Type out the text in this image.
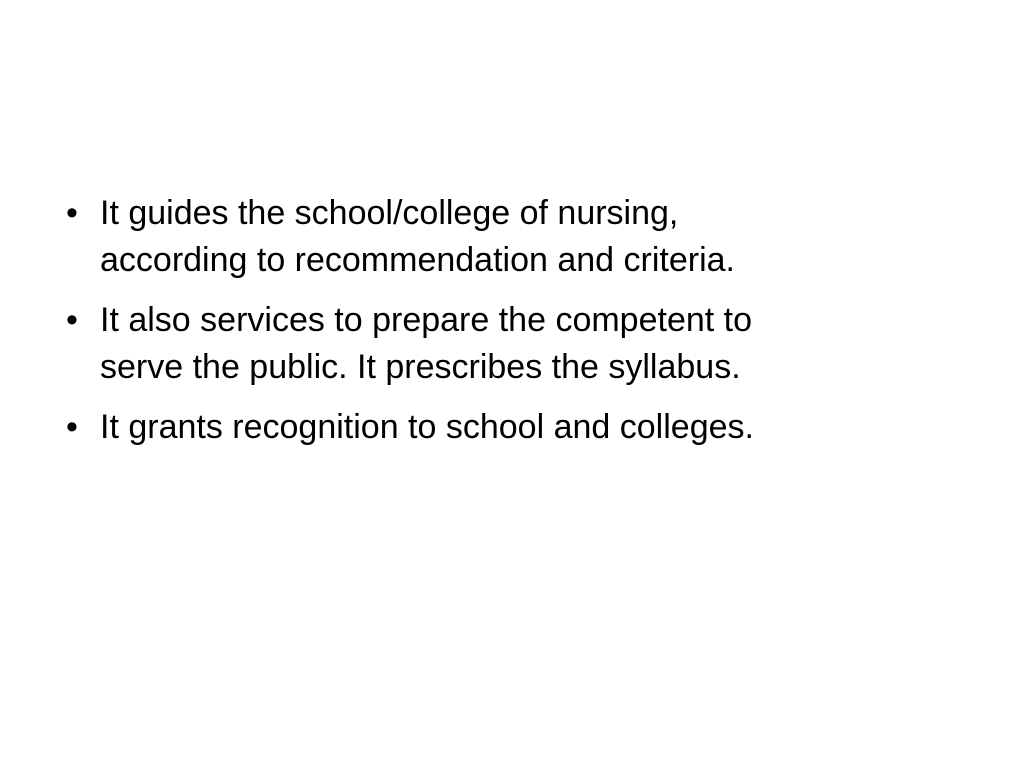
• It guides the school/college of nursing,
according to recommendation and criteria.
• It also services to prepare the competent to
serve the public. It prescribes the syllabus.
• It grants recognition to school and colleges.
